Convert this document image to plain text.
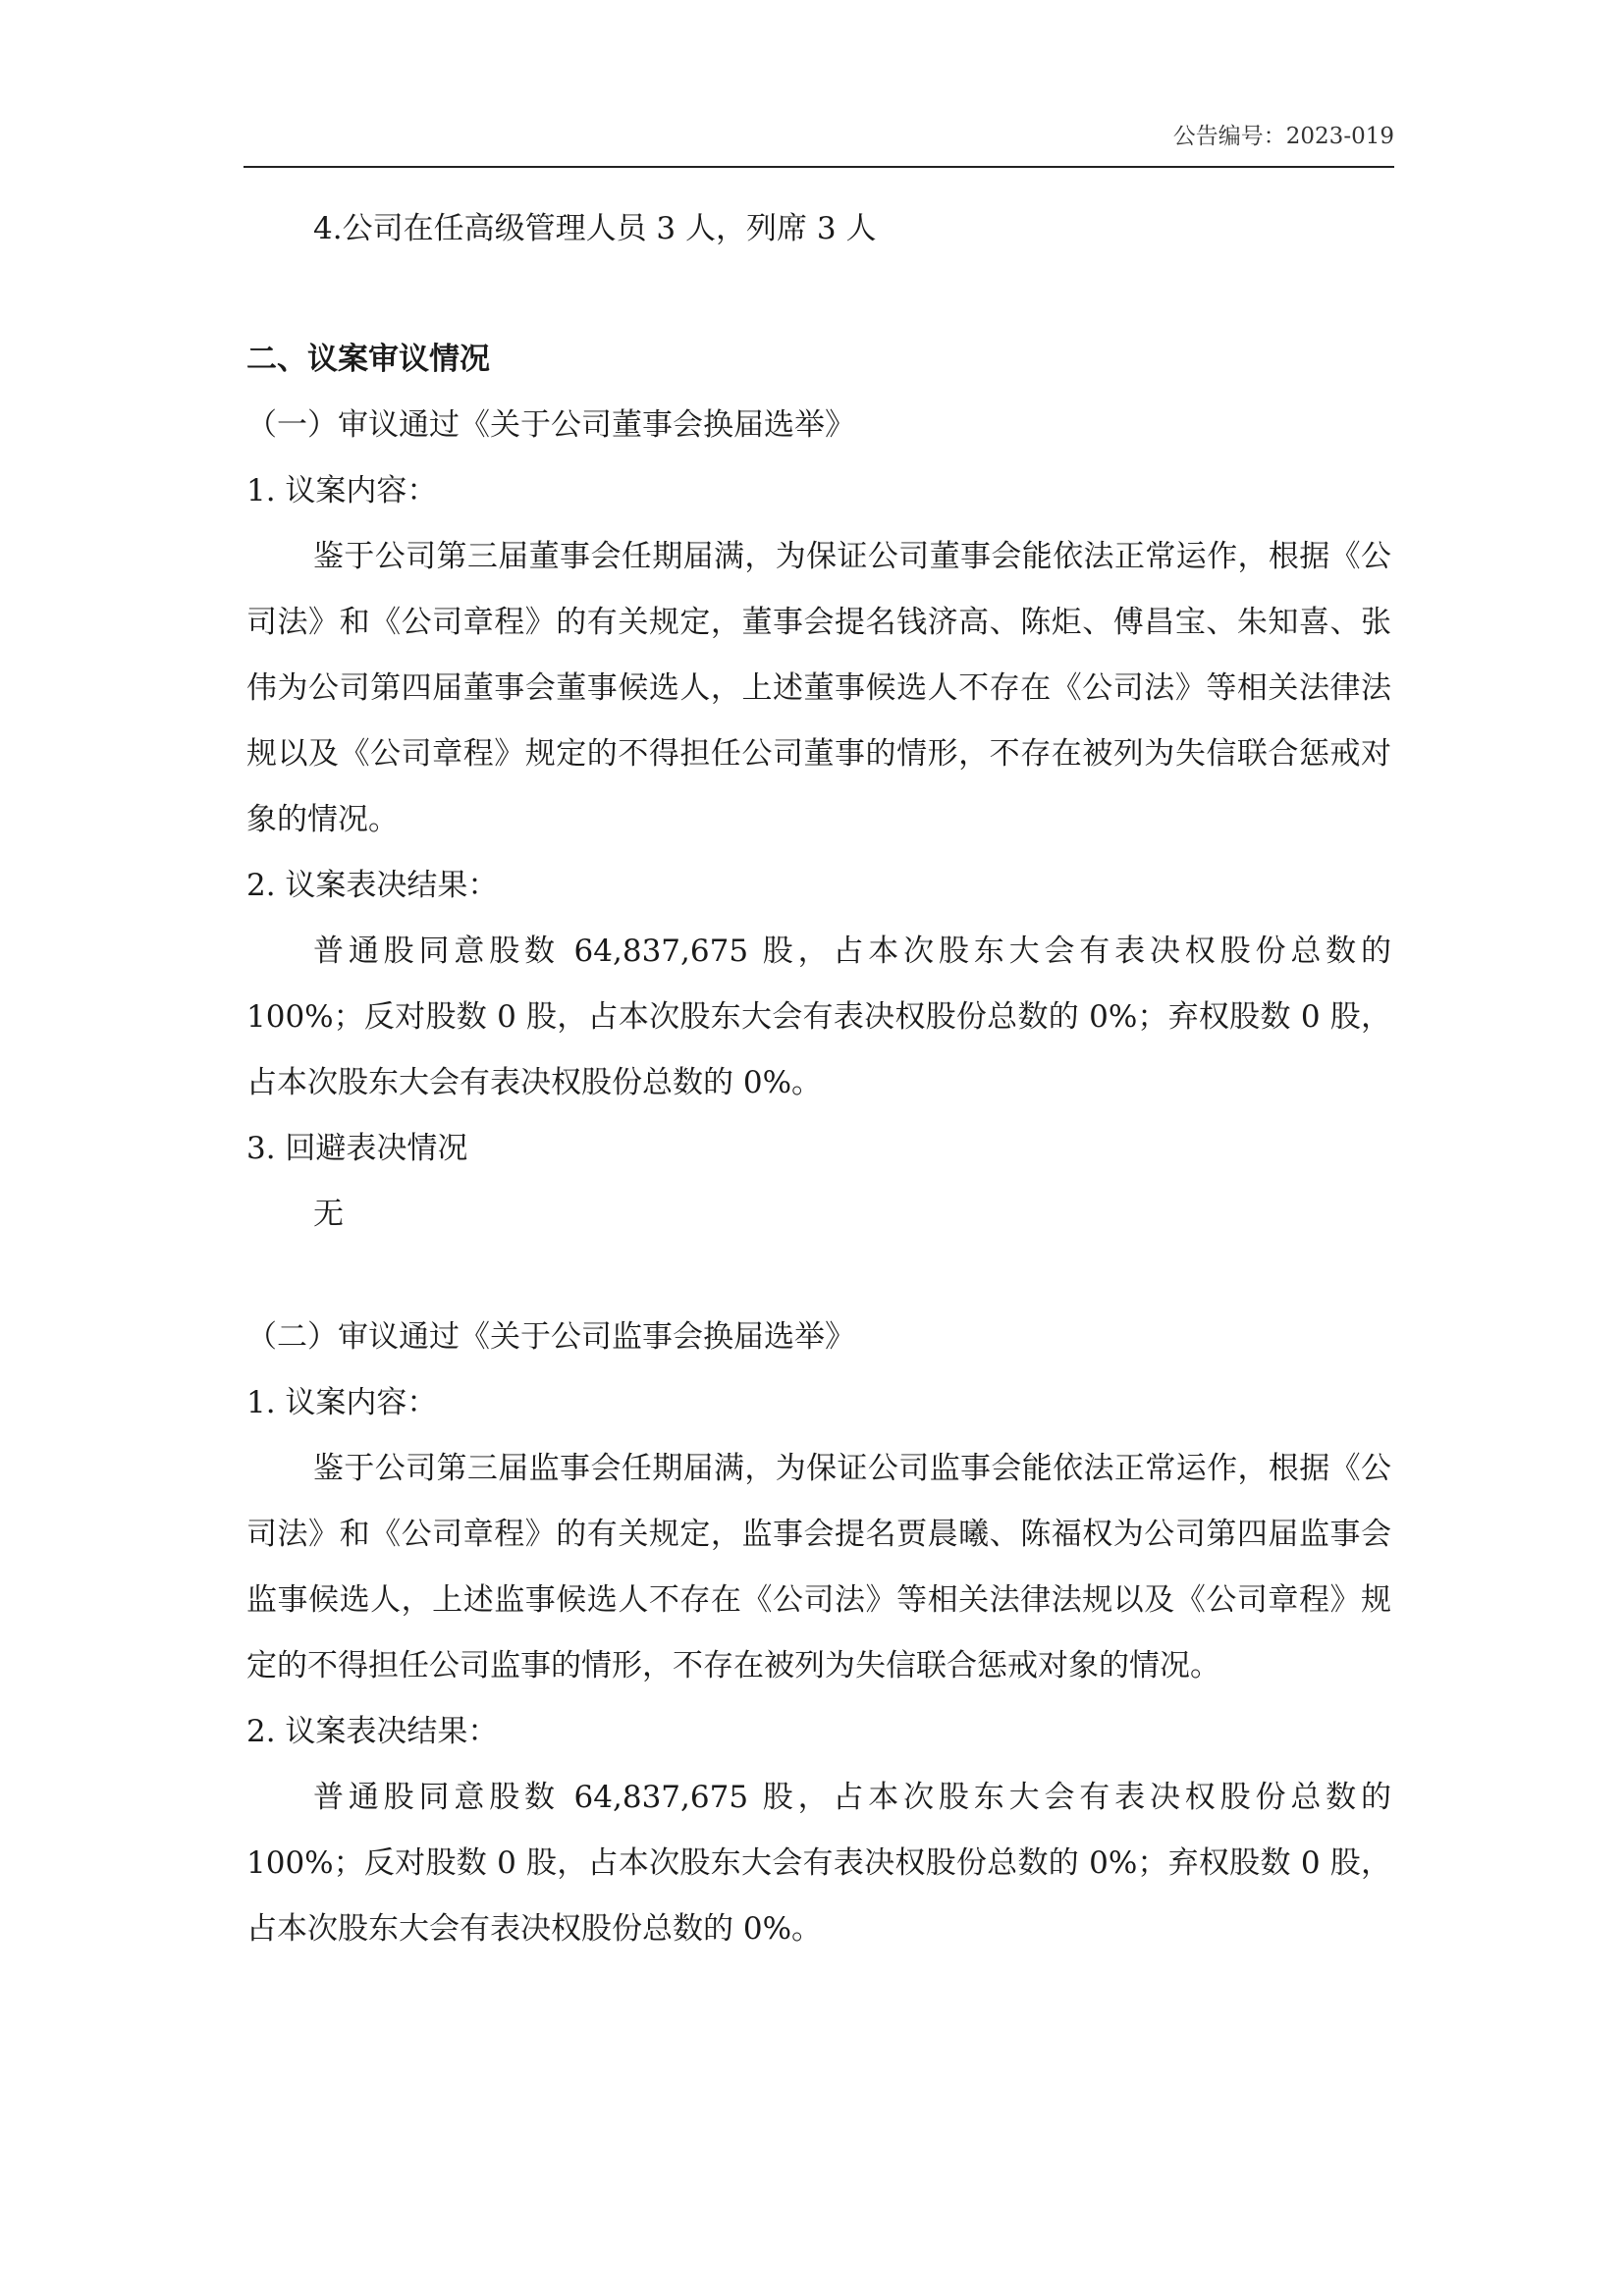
公告编号：2023-019

4.公司在任高级管理人员 3 人，列席 3 人

二、议案审议情况

（一）审议通过《关于公司董事会换届选举》

1. 议案内容：

鉴于公司第三届董事会任期届满，为保证公司董事会能依法正常运作，根据《公司法》和《公司章程》的有关规定，董事会提名钱济高、陈炬、傅昌宝、朱知喜、张伟为公司第四届董事会董事候选人，上述董事候选人不存在《公司法》等相关法律法规以及《公司章程》规定的不得担任公司董事的情形，不存在被列为失信联合惩戒对象的情况。

2. 议案表决结果：

普通股同意股数 64,837,675 股，占本次股东大会有表决权股份总数的 100%；反对股数 0 股，占本次股东大会有表决权股份总数的 0%；弃权股数 0 股，占本次股东大会有表决权股份总数的 0%。

3. 回避表决情况

无

（二）审议通过《关于公司监事会换届选举》

1. 议案内容：

鉴于公司第三届监事会任期届满，为保证公司监事会能依法正常运作，根据《公司法》和《公司章程》的有关规定，监事会提名贾晨曦、陈福权为公司第四届监事会监事候选人，上述监事候选人不存在《公司法》等相关法律法规以及《公司章程》规定的不得担任公司监事的情形，不存在被列为失信联合惩戒对象的情况。

2. 议案表决结果：

普通股同意股数 64,837,675 股，占本次股东大会有表决权股份总数的 100%；反对股数 0 股，占本次股东大会有表决权股份总数的 0%；弃权股数 0 股，占本次股东大会有表决权股份总数的 0%。
